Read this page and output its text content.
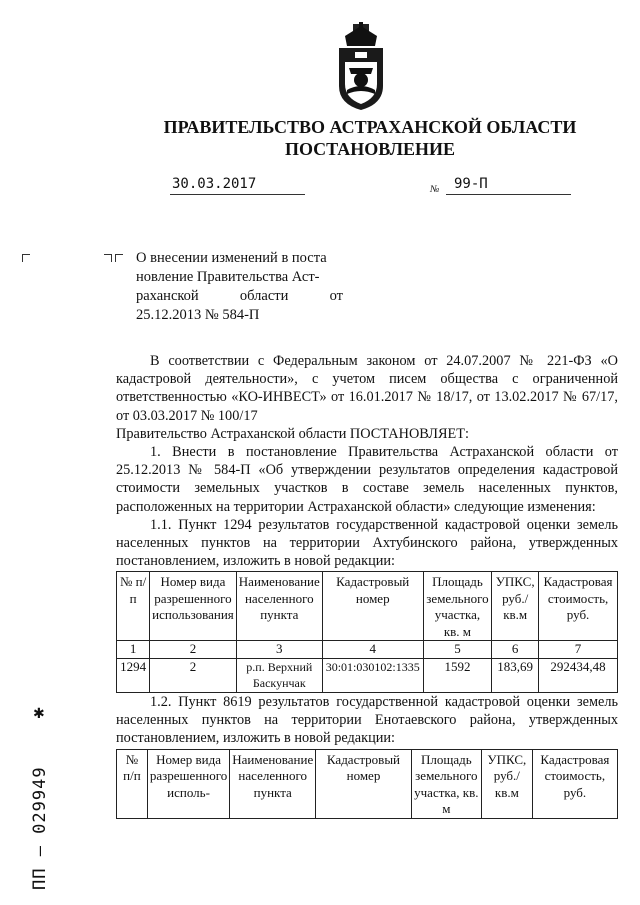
ПРАВИТЕЛЬСТВО АСТРАХАНСКОЙ ОБЛАСТИ
ПОСТАНОВЛЕНИЕ
30.03.2017	№	99-П

О внесении изменений в поста

новление Правительства Аст-

раханской	области	от

25.12.2013 № 584-П

В соответствии с Федеральным законом от 24.07.2007 № 221-ФЗ «О кадастровой деятельности», с учетом писем общества с ограниченной ответственностью «КО-ИНВЕСТ» от 16.01.2017 № 18/17, от 13.02.2017 № 67/17, от 03.03.2017 № 100/17

Правительство Астраханской области ПОСТАНОВЛЯЕТ:

1. Внести в постановление Правительства Астраханской области от 25.12.2013 № 584-П «Об утверждении результатов определения кадастровой стоимости земельных участков в составе земель населенных пунктов, расположенных на территории Астраханской области» следующие изменения:

1.1. Пункт 1294 результатов государственной кадастровой оценки земель населенных пунктов на территории Ахтубинского района, утвержденных постановлением, изложить в новой редакции:

№ п/п	Номер вида разрешенного использования	Наименование населенного пункта	Кадастровый номер	Площадь земельного участка, кв. м	УПКС, руб./кв.м	Кадастровая стоимость, руб.
1	2	3	4	5	6	7
1294	2	р.п. Верхний Баскунчак	30:01:030102:1335	1592	183,69	292434,48

1.2. Пункт 8619 результатов государственной кадастровой оценки земель населенных пунктов на территории Енотаевского района, утвержденных постановлением, изложить в новой редакции:

№ п/п	Номер вида разрешенного исполь-	Наименование населенного пункта	Кадастровый номер	Площадь земельного участка, кв. м	УПКС, руб./кв.м	Кадастровая стоимость, руб.
✱
ПП – 029949
